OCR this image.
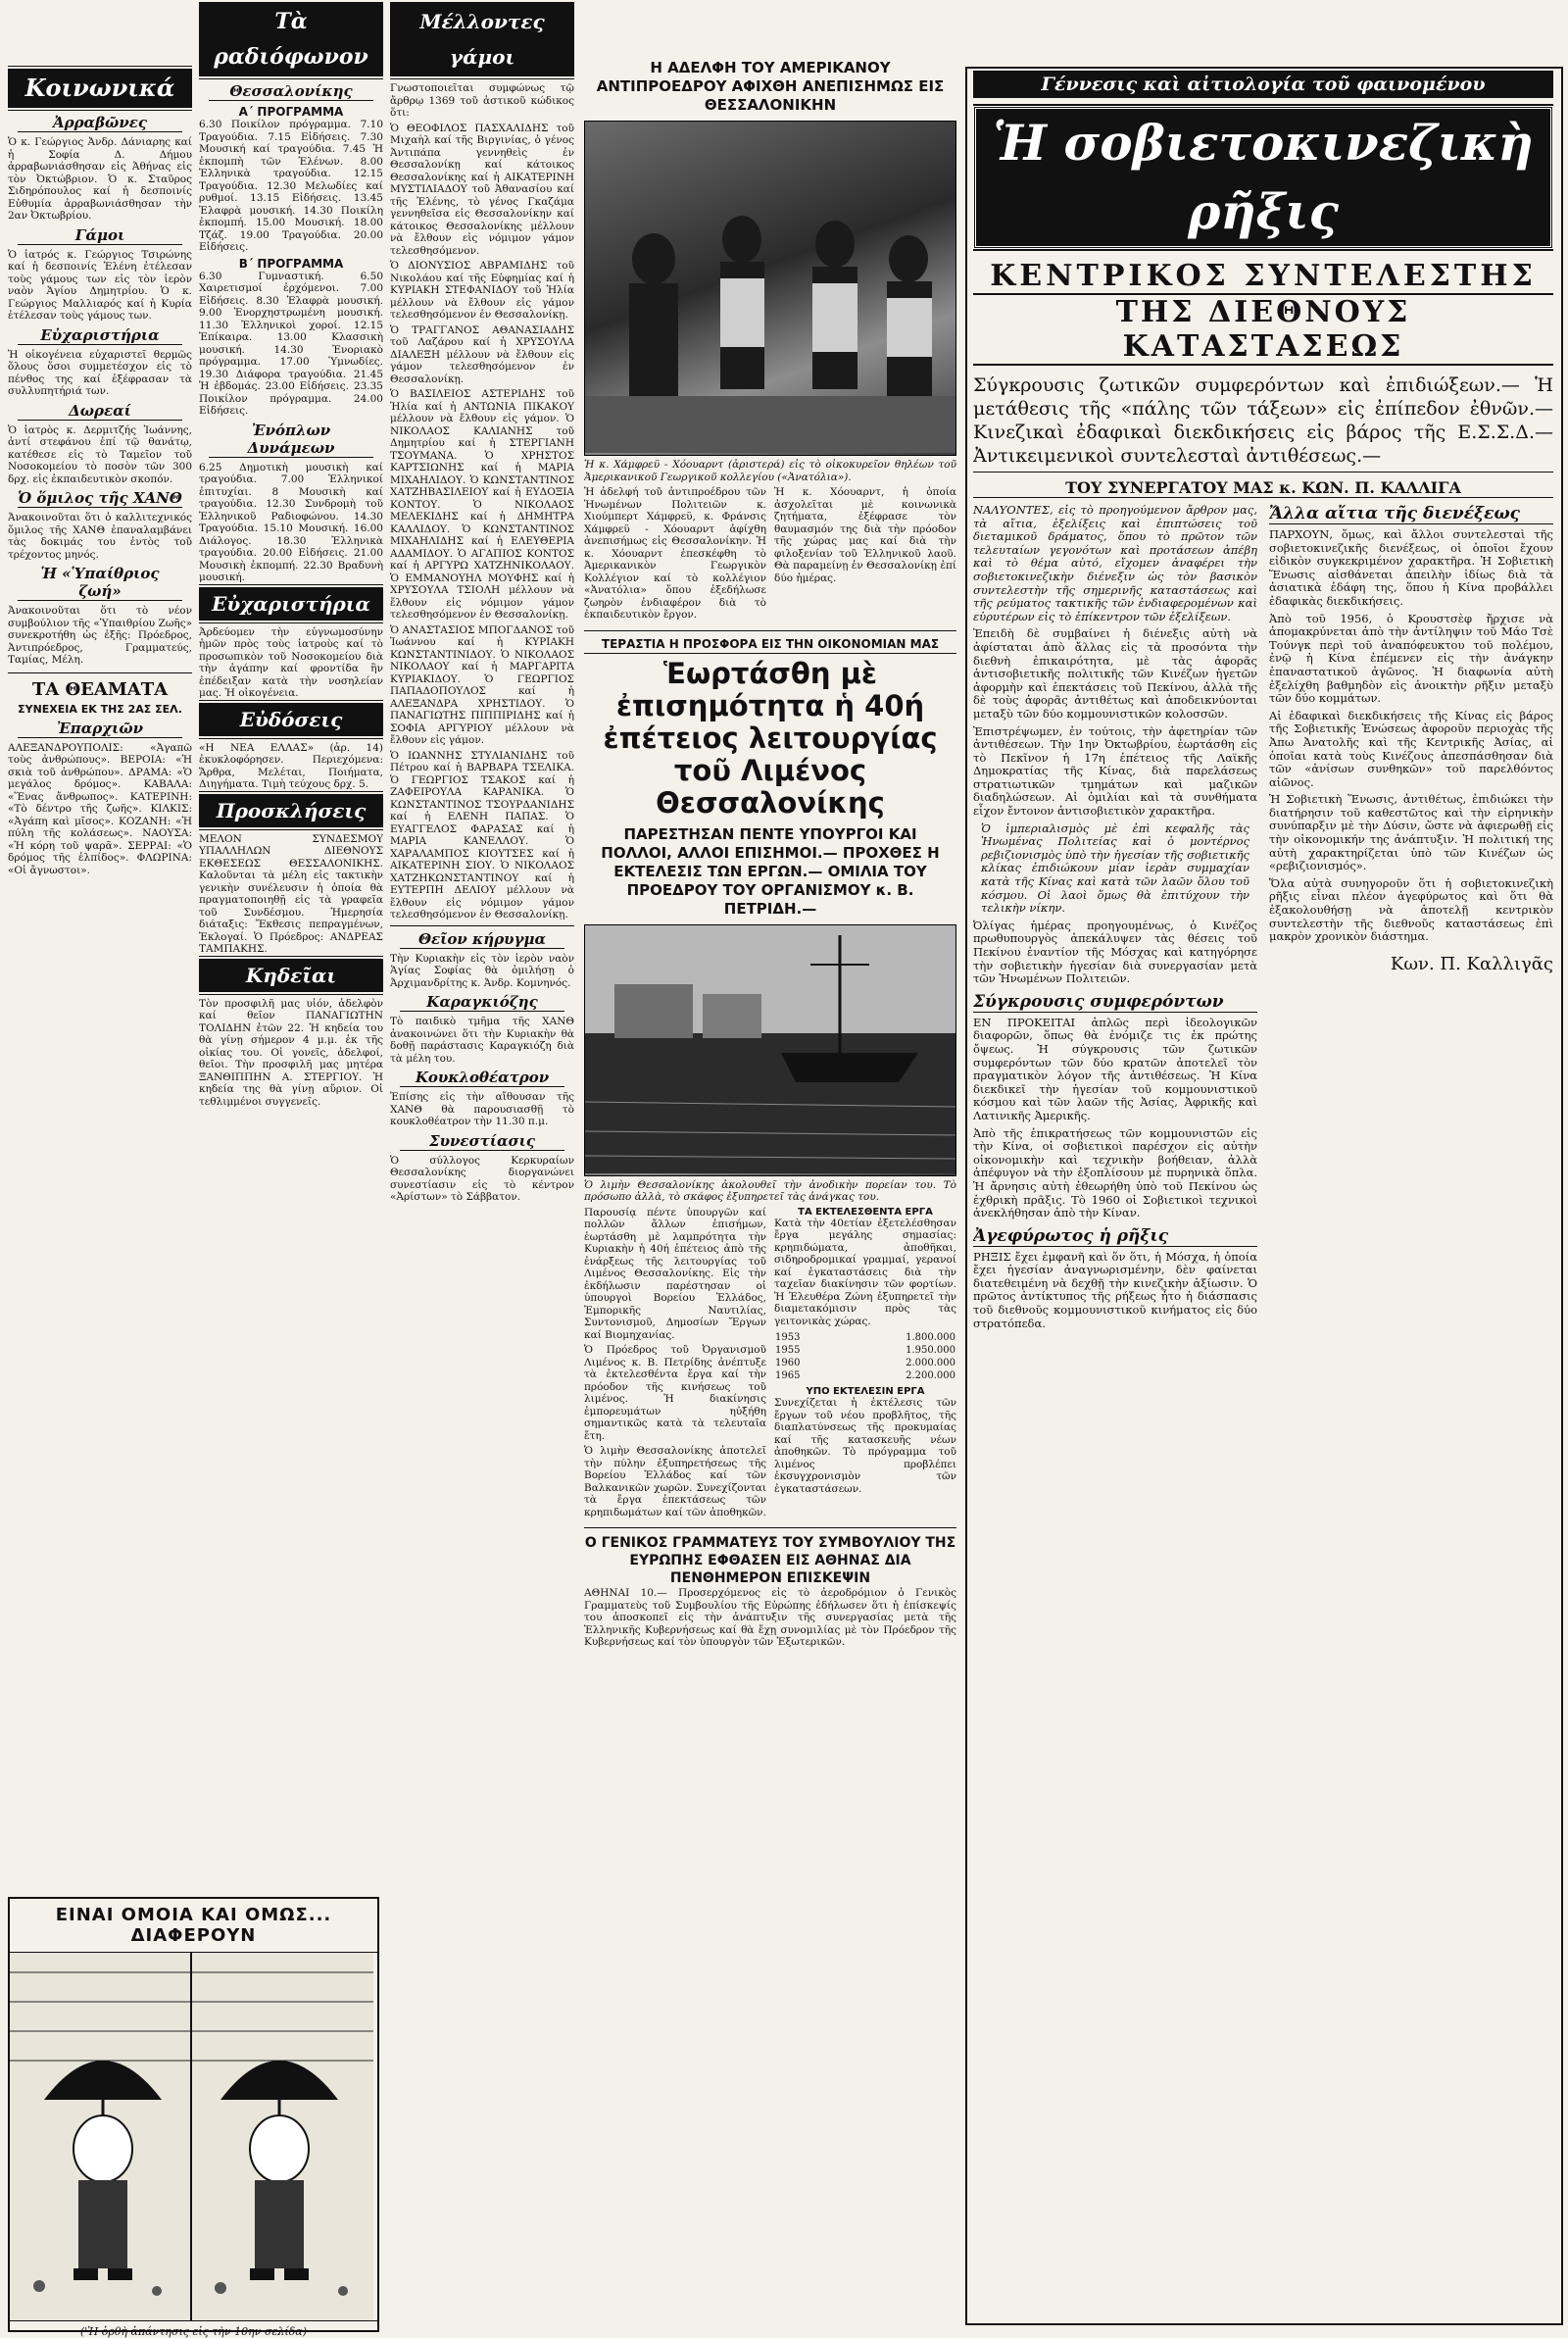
Κοινωνικά
Ἀρραβῶνες

Ὁ κ. Γεώργιος Ἀνδρ. Δάνιαρης καί ἡ Σοφία Δ. Δήμου ἀρραβωνιάσθησαν εἰς Ἀθήνας εἰς τὸν Ὀκτώβριον. Ὁ κ. Σταῦρος Σιδηρόπουλος καί ἡ δεσποινίς Εὐθυμία ἀρραβωνιάσθησαν τὴν 2αν Ὀκτωβρίου.

Γάμοι

Ὁ ἰατρός κ. Γεώργιος Τσιρώνης καί ἡ δεσποινίς Ἑλένη ἐτέλεσαν τοὺς γάμους των εἰς τὸν ἱερὸν ναὸν Ἁγίου Δημητρίου. Ὁ κ. Γεώργιος Μαλλιαρός καί ἡ Κυρία ἐτέλεσαν τοὺς γάμους των.

Εὐχαριστήρια

Ἡ οἰκογένεια εὐχαριστεῖ θερμῶς ὅλους ὅσοι συμμετέσχον εἰς τὸ πένθος της καί ἐξέφρασαν τὰ συλλυπητήριά των.

Δωρεαί

Ὁ ἰατρὸς κ. Δερμιτζής Ἰωάννης, ἀντί στεφάνου ἐπί τῷ θανάτῳ, κατέθεσε εἰς τὸ Ταμεῖον τοῦ Νοσοκομείου τὸ ποσὸν τῶν 300 δρχ. εἰς ἐκπαιδευτικὸν σκοπόν.

Ὁ ὅμιλος τῆς ΧΑΝΘ

Ἀνακοινοῦται ὅτι ὁ καλλιτεχνικός ὅμιλος τῆς ΧΑΝΘ ἐπαναλαμβάνει τὰς δοκιμάς του ἐντὸς τοῦ τρέχοντος μηνός.

Ἡ «Ὑπαίθριος ζωή»

Ἀνακοινοῦται ὅτι τὸ νέον συμβούλιον τῆς «Ὑπαιθρίου Ζωῆς» συνεκροτήθη ὡς ἑξῆς: Πρόεδρος, Ἀντιπρόεδρος, Γραμματεύς, Ταμίας, Μέλη.

ΤΑ ΘΕΑΜΑΤΑ
ΣΥΝΕΧΕΙΑ ΕΚ ΤΗΣ 2ΑΣ ΣΕΛ.
Ἐπαρχιῶν

ΑΛΕΞΑΝΔΡΟΥΠΟΛΙΣ: «Ἀγαπῶ τοὺς ἀνθρώπους». ΒΕΡΟΙΑ: «Ἡ σκιὰ τοῦ ἀνθρώπου». ΔΡΑΜΑ: «Ὁ μεγάλος δρόμος». ΚΑΒΑΛΑ: «Ἕνας ἄνθρωπος». ΚΑΤΕΡΙΝΗ: «Τὸ δέντρο τῆς ζωῆς». ΚΙΛΚΙΣ: «Ἀγάπη καὶ μῖσος». ΚΟΖΑΝΗ: «Ἡ πύλη τῆς κολάσεως». ΝΑΟΥΣΑ: «Ἡ κόρη τοῦ ψαρᾶ». ΣΕΡΡΑΙ: «Ὁ δρόμος τῆς ἐλπίδος». ΦΛΩΡΙΝΑ: «Οἱ ἄγνωστοι».

ΕΙΝΑΙ ΟΜΟΙΑ ΚΑΙ ΟΜΩΣ... ΔΙΑΦΕΡΟΥΝ
('Ἡ ὀρθὴ ἀπάντησις εἰς τὴν 10ην σελίδα)
Τὰ ραδιόφωνον
Θεσσαλονίκης
Α΄ ΠΡΟΓΡΑΜΜΑ

6.30 Ποικίλον πρόγραμμα. 7.10 Τραγούδια. 7.15 Εἰδήσεις. 7.30 Μουσική καί τραγούδια. 7.45 Ἡ ἐκπομπὴ τῶν Ἐλένων. 8.00 Ἐλληνικὰ τραγούδια. 12.15 Τραγούδια. 12.30 Μελωδίες καί ρυθμοί. 13.15 Εἰδήσεις. 13.45 Ἐλαφρὰ μουσική. 14.30 Ποικίλη ἐκπομπή. 15.00 Μουσική. 18.00 Τζάζ. 19.00 Τραγούδια. 20.00 Εἰδήσεις.

Β΄ ΠΡΟΓΡΑΜΜΑ

6.30 Γυμναστική. 6.50 Χαιρετισμοί ἐρχόμενοι. 7.00 Εἰδήσεις. 8.30 Ἐλαφρὰ μουσική. 9.00 Ἐνορχηστρωμένη μουσική. 11.30 Ἐλληνικοὶ χοροί. 12.15 Ἐπίκαιρα. 13.00 Κλασσικὴ μουσική. 14.30 Ἐνοριακὸ πρόγραμμα. 17.00 Ὑμνωδίες. 19.30 Διάφορα τραγούδια. 21.45 Ἡ ἐβδομάς. 23.00 Εἰδήσεις. 23.35 Ποικίλον πρόγραμμα. 24.00 Εἰδήσεις.

Ἐνόπλων Δυνάμεων

6.25 Δημοτικὴ μουσικὴ καί τραγούδια. 7.00 Ἑλληνικοί ἐπιτυχίαι. 8 Μουσικὴ καί τραγούδια. 12.30 Συνδρομὴ τοῦ Ἐλληνικοῦ Ραδιοφώνου. 14.30 Τραγούδια. 15.10 Μουσική. 16.00 Διάλογος. 18.30 Ἐλληνικὰ τραγούδια. 20.00 Εἰδήσεις. 21.00 Μουσικὴ ἐκπομπή. 22.30 Βραδυνὴ μουσική.

Εὐχαριστήρια

Ἀρδεύομεν τὴν εὐγνωμοσύνην ἡμῶν πρὸς τοὺς ἰατροὺς καί τὸ προσωπικὸν τοῦ Νοσοκομείου διὰ τὴν ἀγάπην καί φροντίδα ἣν ἐπέδειξαν κατὰ τὴν νοσηλείαν μας. Ἡ οἰκογένεια.

Εὐδόσεις

«Η ΝΕΑ ΕΛΛΑΣ» (ἀρ. 14) ἐκυκλοφόρησεν. Περιεχόμενα: Ἄρθρα, Μελέται, Ποιήματα, Διηγήματα. Τιμὴ τεύχους δρχ. 5.

Προσκλήσεις

ΜΕΛΟΝ ΣΥΝΔΕΣΜΟΥ ΥΠΑΛΛΗΛΩΝ ΔΙΕΘΝΟΥΣ ΕΚΘΕΣΕΩΣ ΘΕΣΣΑΛΟΝΙΚΗΣ. Καλοῦνται τὰ μέλη εἰς τακτικὴν γενικὴν συνέλευσιν ἡ ὁποία θὰ πραγματοποιηθῇ εἰς τὰ γραφεῖα τοῦ Συνδέσμου. Ἡμερησία διάταξις: Ἔκθεσις πεπραγμένων, Ἐκλογαί. Ὁ Πρόεδρος: ΑΝΔΡΕΑΣ ΤΑΜΠΑΚΗΣ.

Κηδεῖαι

Τὸν προσφιλῆ μας υἱόν, ἀδελφὸν καί θεῖον ΠΑΝΑΓΙΩΤΗΝ ΤΟΛΙΔΗΝ ἐτῶν 22. Ἡ κηδεία του θὰ γίνῃ σήμερον 4 μ.μ. ἐκ τῆς οἰκίας του. Οἱ γονεῖς, ἀδελφοί, θεῖοι. Τὴν προσφιλῆ μας μητέρα ΞΑΝΘΙΠΠΗΝ Α. ΣΤΕΡΓΙΟΥ. Ἡ κηδεία της θὰ γίνῃ αὔριον. Οἱ τεθλιμμένοι συγγενεῖς.

Μέλλοντες γάμοι

Γνωστοποιεῖται συμφώνως τῷ ἄρθρῳ 1369 τοῦ ἀστικοῦ κώδικος ὅτι:

Ὁ ΘΕΟΦΙΛΟΣ ΠΑΣΧΑΛΙΔΗΣ τοῦ Μιχαὴλ καί τῆς Βιργινίας, ὁ γένος Ἀντιπάπα γεννηθεὶς ἐν Θεσσαλονίκῃ καί κάτοικος Θεσσαλονίκης καί ἡ ΑΙΚΑΤΕΡΙΝΗ ΜΥΣΤΙΛΙΑΔΟΥ τοῦ Ἀθανασίου καί τῆς Ἐλένης, τὸ γένος Γκαζάμα γεννηθεῖσα εἰς Θεσσαλονίκην καί κάτοικος Θεσσαλονίκης μέλλουν νὰ ἔλθουν εἰς νόμιμον γάμον τελεσθησόμενον.

Ὁ ΔΙΟΝΥΣΙΟΣ ΑΒΡΑΜΙΔΗΣ τοῦ Νικολάου καί τῆς Εὐφημίας καί ἡ ΚΥΡΙΑΚΗ ΣΤΕΦΑΝΙΔΟΥ τοῦ Ἠλία μέλλουν νὰ ἔλθουν εἰς γάμον τελεσθησόμενον ἐν Θεσσαλονίκῃ.

Ὁ ΤΡΑΓΓΑΝΟΣ ΑΘΑΝΑΣΙΑΔΗΣ τοῦ Λαζάρου καί ἡ ΧΡΥΣΟΥΛΑ ΔΙΑΛΕΞΗ μέλλουν νὰ ἔλθουν εἰς γάμον τελεσθησόμενον ἐν Θεσσαλονίκῃ.

Ὁ ΒΑΣΙΛΕΙΟΣ ΑΣΤΕΡΙΔΗΣ τοῦ Ἠλία καί ἡ ΑΝΤΩΝΙΑ ΠΙΚΑΚΟΥ μέλλουν νὰ ἔλθουν εἰς γάμον. Ὁ ΝΙΚΟΛΑΟΣ ΚΑΛΙΑΝΗΣ τοῦ Δημητρίου καί ἡ ΣΤΕΡΓΙΑΝΗ ΤΣΟΥΜΑΝΑ. Ὁ ΧΡΗΣΤΟΣ ΚΑΡΤΣΙΩΝΗΣ καί ἡ ΜΑΡΙΑ ΜΙΧΑΗΛΙΔΟΥ. Ὁ ΚΩΝΣΤΑΝΤΙΝΟΣ ΧΑΤΖΗΒΑΣΙΛΕΙΟΥ καί ἡ ΕΥΔΟΞΙΑ ΚΟΝΤΟΥ. Ὁ ΝΙΚΟΛΑΟΣ ΜΕΛΕΚΙΔΗΣ καί ἡ ΔΗΜΗΤΡΑ ΚΑΛΛΙΔΟΥ. Ὁ ΚΩΝΣΤΑΝΤΙΝΟΣ ΜΙΧΑΗΛΙΔΗΣ καί ἡ ΕΛΕΥΘΕΡΙΑ ΑΔΑΜΙΔΟΥ. Ὁ ΑΓΑΠΙΟΣ ΚΟΝΤΟΣ καί ἡ ΑΡΓΥΡΩ ΧΑΤΖΗΝΙΚΟΛΑΟΥ. Ὁ ΕΜΜΑΝΟΥΗΛ ΜΟΥΦΗΣ καί ἡ ΧΡΥΣΟΥΛΑ ΤΣΙΟΛΗ μέλλουν νὰ ἔλθουν εἰς νόμιμον γάμον τελεσθησόμενον ἐν Θεσσαλονίκῃ.

Ὁ ΑΝΑΣΤΑΣΙΟΣ ΜΠΟΓΔΑΝΟΣ τοῦ Ἰωάννου καί ἡ ΚΥΡΙΑΚΗ ΚΩΝΣΤΑΝΤΙΝΙΔΟΥ. Ὁ ΝΙΚΟΛΑΟΣ ΝΙΚΟΛΑΟΥ καί ἡ ΜΑΡΓΑΡΙΤΑ ΚΥΡΙΑΚΙΔΟΥ. Ὁ ΓΕΩΡΓΙΟΣ ΠΑΠΑΔΟΠΟΥΛΟΣ καί ἡ ΑΛΕΞΑΝΔΡΑ ΧΡΗΣΤΙΔΟΥ. Ὁ ΠΑΝΑΓΙΩΤΗΣ ΠΙΠΠΙΡΙΔΗΣ καί ἡ ΣΟΦΙΑ ΑΡΓΥΡΙΟΥ μέλλουν νὰ ἔλθουν εἰς γάμον.

Ὁ ΙΩΑΝΝΗΣ ΣΤΥΛΙΑΝΙΔΗΣ τοῦ Πέτρου καί ἡ ΒΑΡΒΑΡΑ ΤΣΕΛΙΚΑ. Ὁ ΓΕΩΡΓΙΟΣ ΤΣΑΚΟΣ καί ἡ ΖΑΦΕΙΡΟΥΛΑ ΚΑΡΑΝΙΚΑ. Ὁ ΚΩΝΣΤΑΝΤΙΝΟΣ ΤΣΟΥΡΔΑΝΙΔΗΣ καί ἡ ΕΛΕΝΗ ΠΑΠΑΣ. Ὁ ΕΥΑΓΓΕΛΟΣ ΦΑΡΑΣΑΣ καί ἡ ΜΑΡΙΑ ΚΑΝΕΛΛΟΥ. Ὁ ΧΑΡΑΛΑΜΠΟΣ ΚΙΟΥΤΣΕΣ καί ἡ ΑΙΚΑΤΕΡΙΝΗ ΣΙΟΥ. Ὁ ΝΙΚΟΛΑΟΣ ΧΑΤΖΗΚΩΝΣΤΑΝΤΙΝΟΥ καί ἡ ΕΥΤΕΡΠΗ ΔΕΛΙΟΥ μέλλουν νὰ ἔλθουν εἰς νόμιμον γάμον τελεσθησόμενον ἐν Θεσσαλονίκῃ.

Θεῖον κήρυγμα

Τὴν Κυριακὴν εἰς τὸν ἱερὸν ναὸν Ἁγίας Σοφίας θὰ ὁμιλήσῃ ὁ Ἀρχιμανδρίτης κ. Ἀνδρ. Κομνηνός.

Καραγκιόζης

Τὸ παιδικὸ τμῆμα τῆς ΧΑΝΘ ἀνακοινώνει ὅτι τὴν Κυριακὴν θὰ δοθῇ παράστασις Καραγκιόζη διὰ τὰ μέλη του.

Κουκλοθέατρον

Ἐπίσης εἰς τὴν αἴθουσαν τῆς ΧΑΝΘ θὰ παρουσιασθῇ τὸ κουκλοθέατρον τὴν 11.30 π.μ.

Συνεστίασις

Ὁ σύλλογος Κερκυραίων Θεσσαλονίκης διοργανώνει συνεστίασιν εἰς τὸ κέντρον «Ἀρίστων» τὸ Σάββατον.

Η ΑΔΕΛΦΗ ΤΟΥ ΑΜΕΡΙΚΑΝΟΥ ΑΝΤΙΠΡΟΕΔΡΟΥ ΑΦΙΧΘΗ ΑΝΕΠΙΣΗΜΩΣ ΕΙΣ ΘΕΣΣΑΛΟΝΙΚΗΝ
Ἡ κ. Χάμφρεϋ - Χόουαρντ (ἀριστερά) εἰς τὸ οἰκοκυρεῖον θηλέων τοῦ Ἀμερικανικοῦ Γεωργικοῦ κολλεγίου («Ἀνατόλια»).

Ἡ ἀδελφή τοῦ ἀντιπροέδρου τῶν Ἡνωμένων Πολιτειῶν κ. Χιούμπερτ Χάμφρεϋ, κ. Φράνσις Χάμφρεϋ - Χόουαρντ ἀφίχθη ἀνεπισήμως εἰς Θεσσαλονίκην. Ἡ κ. Χόουαρντ ἐπεσκέφθη τὸ Ἀμερικανικὸν Γεωργικὸν Κολλέγιον καί τὸ κολλέγιον «Ἀνατόλια» ὅπου ἐξεδήλωσε ζωηρὸν ἐνδιαφέρον διὰ τὸ ἐκπαιδευτικὸν ἔργον.

Ἡ κ. Χόουαρντ, ἡ ὁποία ἀσχολεῖται μὲ κοινωνικὰ ζητήματα, ἐξέφρασε τὸν θαυμασμόν της διὰ τὴν πρόοδον τῆς χώρας μας καί διὰ τὴν φιλοξενίαν τοῦ Ἑλληνικοῦ λαοῦ. Θὰ παραμείνῃ ἐν Θεσσαλονίκῃ ἐπί δύο ἡμέρας.

ΤΕΡΑΣΤΙΑ Η ΠΡΟΣΦΟΡΑ ΕΙΣ ΤΗΝ ΟΙΚΟΝΟΜΙΑΝ ΜΑΣ
Ἑωρτάσθη μὲ ἐπισημότητα ἡ 40ή ἐπέτειος λειτουργίας τοῦ Λιμένος Θεσσαλονίκης
ΠΑΡΕΣΤΗΣΑΝ ΠΕΝΤΕ ΥΠΟΥΡΓΟΙ ΚΑΙ ΠΟΛΛΟΙ, ΑΛΛΟΙ ΕΠΙΣΗΜΟΙ.— ΠΡΟΧΘΕΣ Η ΕΚΤΕΛΕΣΙΣ ΤΩΝ ΕΡΓΩΝ.— ΟΜΙΛΙΑ ΤΟΥ ΠΡΟΕΔΡΟΥ ΤΟΥ ΟΡΓΑΝΙΣΜΟΥ κ. Β. ΠΕΤΡΙΔΗ.—
Ὁ λιμὴν Θεσσαλονίκης ἀκολουθεῖ τὴν ἀνοδικὴν πορείαν του. Τὸ πρόσωπο ἀλλὰ, τὸ σκάφος ἐξυπηρετεῖ τὰς ἀνάγκας του.

Παρουσίᾳ πέντε ὑπουργῶν καί πολλῶν ἄλλων ἐπισήμων, ἑωρτάσθη μὲ λαμπρότητα τὴν Κυριακὴν ἡ 40ή ἐπέτειος ἀπὸ τῆς ἐνάρξεως τῆς λειτουργίας τοῦ Λιμένος Θεσσαλονίκης. Εἰς τὴν ἐκδήλωσιν παρέστησαν οἱ ὑπουργοὶ Βορείου Ἑλλάδος, Ἐμπορικῆς Ναυτιλίας, Συντονισμοῦ, Δημοσίων Ἔργων καί Βιομηχανίας.

Ὁ Πρόεδρος τοῦ Ὀργανισμοῦ Λιμένος κ. Β. Πετρίδης ἀνέπτυξε τὰ ἐκτελεσθέντα ἔργα καί τὴν πρόοδον τῆς κινήσεως τοῦ λιμένος. Ἡ διακίνησις ἐμπορευμάτων ηὐξήθη σημαντικῶς κατὰ τὰ τελευταῖα ἔτη.

Ὁ λιμὴν Θεσσαλονίκης ἀποτελεῖ τὴν πύλην ἐξυπηρετήσεως τῆς Βορείου Ἑλλάδος καί τῶν Βαλκανικῶν χωρῶν. Συνεχίζονται τὰ ἔργα ἐπεκτάσεως τῶν κρηπιδωμάτων καί τῶν ἀποθηκῶν.

ΤΑ ΕΚΤΕΛΕΣΘΕΝΤΑ ΕΡΓΑ

Κατὰ τὴν 40ετίαν ἐξετελέσθησαν ἔργα μεγάλης σημασίας: κρηπιδώματα, ἀποθῆκαι, σιδηροδρομικαί γραμμαί, γερανοί καί ἐγκαταστάσεις διὰ τὴν ταχεῖαν διακίνησιν τῶν φορτίων. Ἡ Ἐλευθέρα Ζώνη ἐξυπηρετεῖ τὴν διαμετακόμισιν πρὸς τὰς γειτονικὰς χώρας.

1953	1.800.000
1955	1.950.000
1960	2.000.000
1965	2.200.000
ΥΠΟ ΕΚΤΕΛΕΣΙΝ ΕΡΓΑ

Συνεχίζεται ἡ ἐκτέλεσις τῶν ἔργων τοῦ νέου προβλῆτος, τῆς διαπλατύνσεως τῆς προκυμαίας καί τῆς κατασκευῆς νέων ἀποθηκῶν. Τὸ πρόγραμμα τοῦ λιμένος προβλέπει ἐκσυγχρονισμὸν τῶν ἐγκαταστάσεων.

Ο ΓΕΝΙΚΟΣ ΓΡΑΜΜΑΤΕΥΣ ΤΟΥ ΣΥΜΒΟΥΛΙΟΥ ΤΗΣ ΕΥΡΩΠΗΣ ΕΦΘΑΣΕΝ ΕΙΣ ΑΘΗΝΑΣ ΔΙΑ ΠΕΝΘΗΜΕΡΟΝ ΕΠΙΣΚΕΨΙΝ

ΑΘΗΝΑΙ 10.— Προσερχόμενος εἰς τὸ ἀεροδρόμιον ὁ Γενικὸς Γραμματεὺς τοῦ Συμβουλίου τῆς Εὐρώπης ἐδήλωσεν ὅτι ἡ ἐπίσκεψίς του ἀποσκοπεῖ εἰς τὴν ἀνάπτυξιν τῆς συνεργασίας μετὰ τῆς Ἑλληνικῆς Κυβερνήσεως καί θὰ ἔχῃ συνομιλίας μὲ τὸν Πρόεδρον τῆς Κυβερνήσεως καί τὸν ὑπουργὸν τῶν Ἐξωτερικῶν.

Γέννεσις καὶ αἰτιολογία τοῦ φαινομένου
Ἡ σοβιετοκινεζικὴ ρῆξις
ΚΕΝΤΡΙΚΟΣ ΣΥΝΤΕΛΕΣΤΗΣ
ΤΗΣ ΔΙΕΘΝΟΥΣ ΚΑΤΑΣΤΑΣΕΩΣ
Σύγκρουσις ζωτικῶν συμφερόντων καὶ ἐπιδιώξεων.— Ἡ μετάθεσις τῆς «πάλης τῶν τάξεων» εἰς ἐπίπεδον ἐθνῶν.— Κινεζικαὶ ἐδαφικαὶ διεκδικήσεις εἰς βάρος τῆς Ε.Σ.Σ.Δ.— Ἀντικειμενικοὶ συντελεσταὶ ἀντιθέσεως.—
ΤΟΥ ΣΥΝΕΡΓΑΤΟΥ ΜΑΣ κ. ΚΩΝ. Π. ΚΑΛΛΙΓΑ

ΝΑΛΥΟΝΤΕΣ, εἰς τὸ προηγούμενον ἄρθρον μας, τὰ αἴτια, ἐξελίξεις καὶ ἐπιπτώσεις τοῦ διεταμικοῦ δράματος, ὅπου τὸ πρῶτον τῶν τελευταίων γεγονότων καὶ προτάσεων ἀπέβη καὶ τὸ θέμα αὐτό, εἴχομεν ἀναφέρει τὴν σοβιετοκινεζικὴν διένεξιν ὡς τὸν βασικὸν συντελεστὴν τῆς σημερινῆς καταστάσεως καὶ τῆς ρεύματος τακτικῆς τῶν ἐνδιαφερομένων καὶ εὐρυτέρων εἰς τὸ ἐπίκεντρον τῶν ἐξελίξεων.

Ἐπειδὴ δὲ συμβαίνει ἡ διένεξις αὐτὴ νὰ ἀφίσταται ἀπὸ ἄλλας εἰς τὰ προσόντα τὴν διεθνὴ ἐπικαιρότητα, μὲ τὰς ἀφορᾶς ἀντισοβιετικῆς πολιτικῆς τῶν Κινέζων ἡγετῶν ἀφορμὴν καὶ ἐπεκτάσεις τοῦ Πεκίνου, ἀλλὰ τῆς δὲ τοὺς ἀφορᾶς ἀντιθέτως καὶ ἀποδεικνύονται μεταξὺ τῶν δύο κομμουνιστικῶν κολοσσῶν.

Ἐπιστρέψωμεν, ἐν τούτοις, τὴν ἀφετηρίαν τῶν ἀντιθέσεων. Τὴν 1ην Ὀκτωβρίου, ἑωρτάσθη εἰς τὸ Πεκῖνον ἡ 17η ἐπέτειος τῆς Λαϊκῆς Δημοκρατίας τῆς Κίνας, διὰ παρελάσεως στρατιωτικῶν τμημάτων καὶ μαζικῶν διαδηλώσεων. Αἱ ὁμιλίαι καὶ τὰ συνθήματα εἶχον ἔντονον ἀντισοβιετικὸν χαρακτῆρα.

Ὁ ἱμπεριαλισμὸς μὲ ἐπὶ κεφαλῆς τὰς Ἡνωμένας Πολιτείας καὶ ὁ μοντέρνος ρεβιζιονισμὸς ὑπὸ τὴν ἡγεσίαν τῆς σοβιετικῆς κλίκας ἐπιδιώκουν μίαν ἰερὰν συμμαχίαν κατὰ τῆς Κίνας καὶ κατὰ τῶν λαῶν ὅλου τοῦ κόσμου. Οἱ λαοὶ ὅμως θὰ ἐπιτύχουν τὴν τελικὴν νίκην.

Ὀλίγας ἡμέρας προηγουμένως, ὁ Κινέζος πρωθυπουργὸς ἀπεκάλυψεν τὰς θέσεις τοῦ Πεκίνου ἐναντίον τῆς Μόσχας καὶ κατηγόρησε τὴν σοβιετικὴν ἡγεσίαν διὰ συνεργασίαν μετὰ τῶν Ἡνωμένων Πολιτειῶν.

Σύγκρουσις συμφερόντων

ΕΝ ΠΡΟΚΕΙΤΑΙ ἁπλῶς περὶ ἰδεολογικῶν διαφορῶν, ὅπως θὰ ἐνόμιζε τις ἐκ πρώτης ὄψεως. Ἡ σύγκρουσις τῶν ζωτικῶν συμφερόντων τῶν δύο κρατῶν ἀποτελεῖ τὸν πραγματικὸν λόγον τῆς ἀντιθέσεως. Ἡ Κίνα διεκδικεῖ τὴν ἡγεσίαν τοῦ κομμουνιστικοῦ κόσμου καὶ τῶν λαῶν τῆς Ἀσίας, Ἀφρικῆς καὶ Λατινικῆς Ἀμερικῆς.

Ἀπὸ τῆς ἐπικρατήσεως τῶν κομμουνιστῶν εἰς τὴν Κίνα, οἱ σοβιετικοὶ παρέσχον εἰς αὐτὴν οἰκονομικὴν καὶ τεχνικὴν βοήθειαν, ἀλλὰ ἀπέφυγον νὰ τὴν ἐξοπλίσουν μὲ πυρηνικὰ ὅπλα. Ἡ ἄρνησις αὐτὴ ἐθεωρήθη ὑπὸ τοῦ Πεκίνου ὡς ἐχθρικὴ πρᾶξις. Τὸ 1960 οἱ Σοβιετικοὶ τεχνικοὶ ἀνεκλήθησαν ἀπὸ τὴν Κίναν.

Ἀγεφύρωτος ἡ ρῆξις

ΡΗΞΙΣ ἔχει ἐμφανῆ καὶ ὅν ὅτι, ἡ Μόσχα, ἡ ὁποία ἔχει ἡγεσίαν ἀναγνωρισμένην, δὲν φαίνεται διατεθειμένη νὰ δεχθῇ τὴν κινεζικὴν ἀξίωσιν. Ὁ πρῶτος ἀντίκτυπος τῆς ρήξεως ἦτο ἡ διάσπασις τοῦ διεθνοῦς κομμουνιστικοῦ κινήματος εἰς δύο στρατόπεδα.

Ἄλλα αἴτια τῆς διενέξεως

ΠΑΡΧΟΥΝ, ὅμως, καὶ ἄλλοι συντελεσταὶ τῆς σοβιετοκινεζικῆς διενέξεως, οἱ ὁποῖοι ἔχουν εἰδικὸν συγκεκριμένον χαρακτῆρα. Ἡ Σοβιετικὴ Ἕνωσις αἰσθάνεται ἀπειλὴν ἰδίως διὰ τὰ ἀσιατικὰ ἐδάφη της, ὅπου ἡ Κίνα προβάλλει ἐδαφικὰς διεκδικήσεις.

Ἀπὸ τοῦ 1956, ὁ Κρουστσὲφ ἤρχισε νὰ ἀπομακρύνεται ἀπὸ τὴν ἀντίληψιν τοῦ Μάο Τσὲ Τούνγκ περὶ τοῦ ἀναπόφευκτου τοῦ πολέμου, ἐνῷ ἡ Κίνα ἐπέμενεν εἰς τὴν ἀνάγκην ἐπαναστατικοῦ ἀγῶνος. Ἡ διαφωνία αὐτὴ ἐξελίχθη βαθμηδὸν εἰς ἀνοικτὴν ρῆξιν μεταξὺ τῶν δύο κομμάτων.

Αἱ ἐδαφικαὶ διεκδικήσεις τῆς Κίνας εἰς βάρος τῆς Σοβιετικῆς Ἑνώσεως ἀφοροῦν περιοχὰς τῆς Ἀπω Ἀνατολῆς καὶ τῆς Κεντρικῆς Ἀσίας, αἱ ὁποῖαι κατὰ τοὺς Κινέζους ἀπεσπάσθησαν διὰ τῶν «ἀνίσων συνθηκῶν» τοῦ παρελθόντος αἰῶνος.

Ἡ Σοβιετικὴ Ἕνωσις, ἀντιθέτως, ἐπιδιώκει τὴν διατήρησιν τοῦ καθεστῶτος καὶ τὴν εἰρηνικὴν συνύπαρξιν μὲ τὴν Δύσιν, ὥστε νὰ ἀφιερωθῇ εἰς τὴν οἰκονομικήν της ἀνάπτυξιν. Ἡ πολιτική της αὐτὴ χαρακτηρίζεται ὑπὸ τῶν Κινέζων ὡς «ρεβιζιονισμός».

Ὅλα αὐτὰ συνηγοροῦν ὅτι ἡ σοβιετοκινεζικὴ ρῆξις εἶναι πλέον ἀγεφύρωτος καὶ ὅτι θὰ ἐξακολουθήσῃ νὰ ἀποτελῇ κεντρικὸν συντελεστὴν τῆς διεθνοῦς καταστάσεως ἐπὶ μακρὸν χρονικὸν διάστημα.

Κων. Π. Καλλιγᾶς
